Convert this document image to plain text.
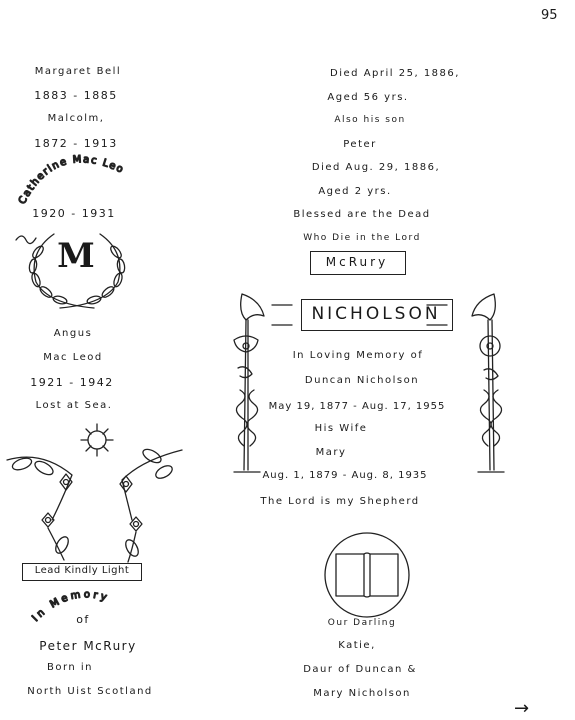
95
Margaret Bell
1883 - 1885
Malcolm,
1872 - 1913
Catherine Mac Leod
1920 - 1931
M
Angus
Mac Leod
1921 - 1942
Lost at Sea.
Lead Kindly Light
In Memory
of
Peter McRury
Born in
North Uist Scotland
Died April 25, 1886,
Aged 56 yrs.
Also his son
Peter
Died Aug. 29, 1886,
Aged 2 yrs.
Blessed are the Dead
Who Die in the Lord
McRury
NICHOLSON
In Loving Memory of
Duncan Nicholson
May 19, 1877 - Aug. 17, 1955
His Wife
Mary
Aug. 1, 1879 - Aug. 8, 1935
The Lord is my Shepherd
Our Darling
Katie,
Daur of Duncan &
Mary Nicholson
→
